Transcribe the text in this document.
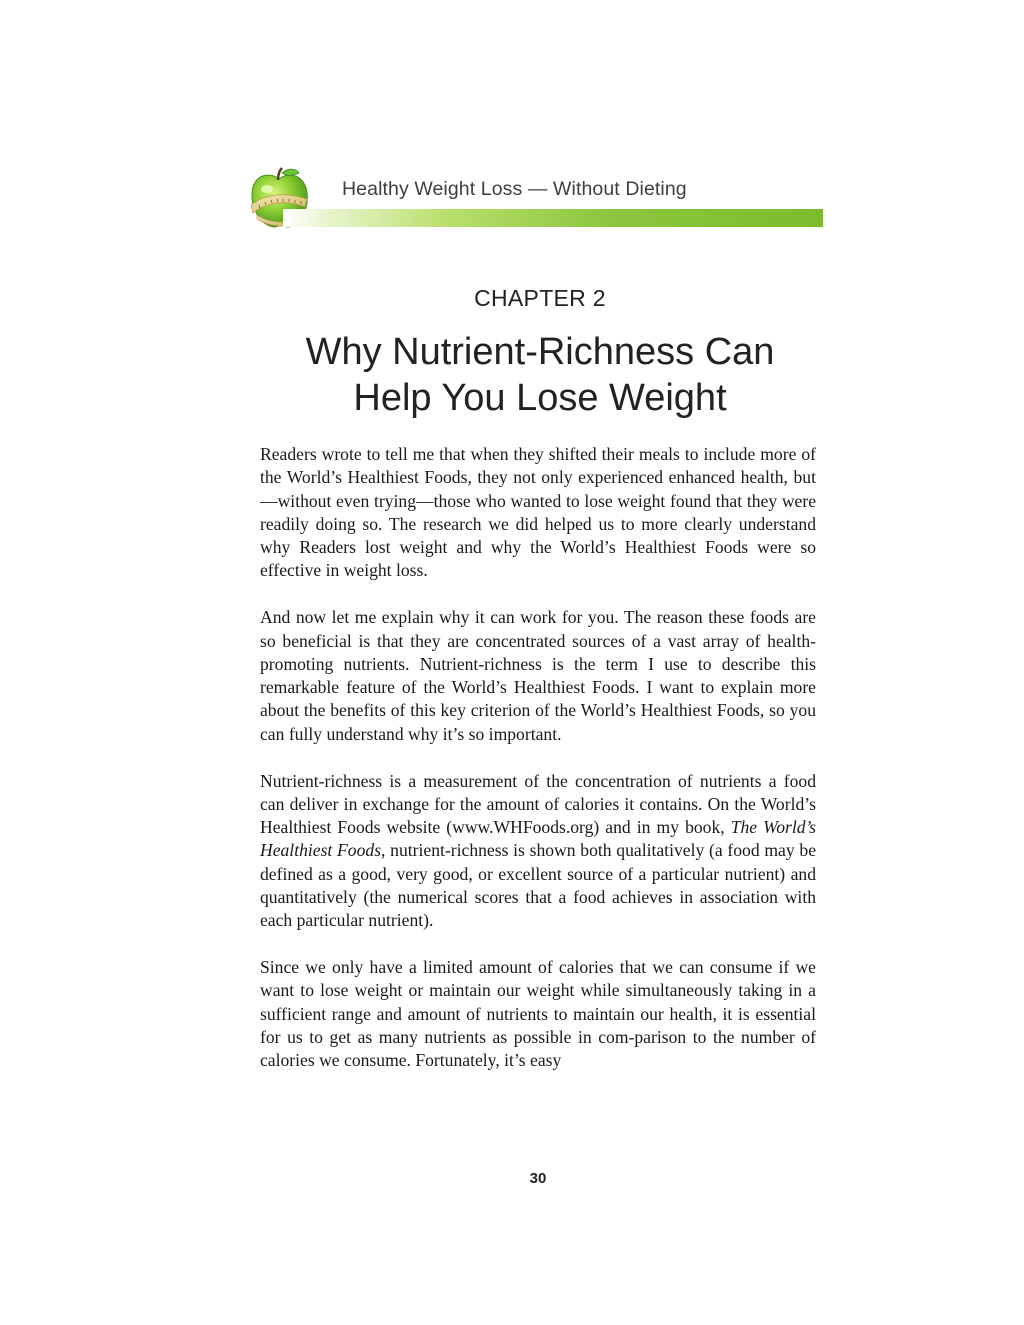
Healthy Weight Loss — Without Dieting
CHAPTER 2
Why Nutrient-Richness Can
Help You Lose Weight

Readers wrote to tell me that when they shifted their meals to include more of the World’s Healthiest Foods, they not only experienced enhanced health, but—without even trying—those who wanted to lose weight found that they were readily doing so. The research we did helped us to more clearly understand why Readers lost weight and why the World’s Healthiest Foods were so effective in weight loss.

And now let me explain why it can work for you. The reason these foods are so beneficial is that they are concentrated sources of a vast array of health-promoting nutrients. Nutrient-richness is the term I use to describe this remarkable feature of the World’s Healthiest Foods. I want to explain more about the benefits of this key criterion of the World’s Healthiest Foods, so you can fully understand why it’s so important.

Nutrient-richness is a measurement of the concentration of nutrients a food can deliver in exchange for the amount of calories it contains. On the World’s Healthiest Foods website (www.WHFoods.org) and in my book, The World’s Healthiest Foods, nutrient-richness is shown both qualitatively (a food may be defined as a good, very good, or excellent source of a particular nutrient) and quantitatively (the numerical scores that a food achieves in association with each particular nutrient).

Since we only have a limited amount of calories that we can consume if we want to lose weight or maintain our weight while simultaneously taking in a sufficient range and amount of nutrients to maintain our health, it is essential for us to get as many nutrients as possible in com-parison to the number of calories we consume. Fortunately, it’s easy

30
